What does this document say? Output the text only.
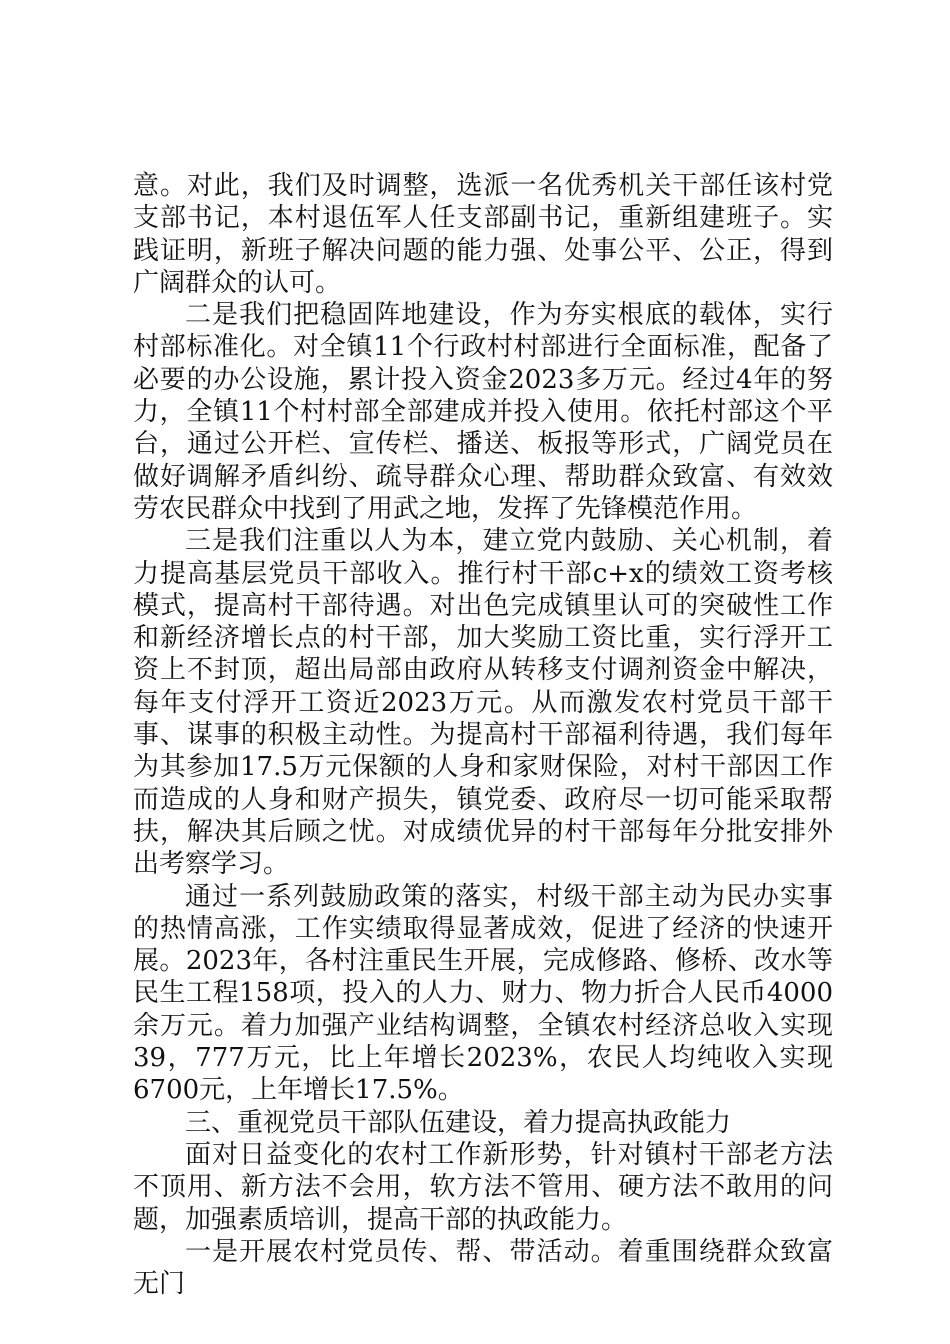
意。对此，我们及时调整，选派一名优秀机关干部任该村党支部书记，本村退伍军人任支部副书记，重新组建班子。实践证明，新班子解决问题的能力强、处事公平、公正，得到广阔群众的认可。

二是我们把稳固阵地建设，作为夯实根底的载体，实行村部标准化。对全镇11个行政村村部进行全面标准，配备了必要的办公设施，累计投入资金2023多万元。经过4年的努力，全镇11个村村部全部建成并投入使用。依托村部这个平台，通过公开栏、宣传栏、播送、板报等形式，广阔党员在做好调解矛盾纠纷、疏导群众心理、帮助群众致富、有效效劳农民群众中找到了用武之地，发挥了先锋模范作用。

三是我们注重以人为本，建立党内鼓励、关心机制，着力提高基层党员干部收入。推行村干部c+x的绩效工资考核模式，提高村干部待遇。对出色完成镇里认可的突破性工作和新经济增长点的村干部，加大奖励工资比重，实行浮开工资上不封顶，超出局部由政府从转移支付调剂资金中解决，每年支付浮开工资近2023万元。从而激发农村党员干部干事、谋事的积极主动性。为提高村干部福利待遇，我们每年为其参加17.5万元保额的人身和家财保险，对村干部因工作而造成的人身和财产损失，镇党委、政府尽一切可能采取帮扶，解决其后顾之忧。对成绩优异的村干部每年分批安排外出考察学习。

通过一系列鼓励政策的落实，村级干部主动为民办实事的热情高涨，工作实绩取得显著成效，促进了经济的快速开展。2023年，各村注重民生开展，完成修路、修桥、改水等民生工程158项，投入的人力、财力、物力折合人民币4000余万元。着力加强产业结构调整，全镇农村经济总收入实现39，777万元，比上年增长2023%，农民人均纯收入实现6700元，上年增长17.5%。

三、重视党员干部队伍建设，着力提高执政能力

面对日益变化的农村工作新形势，针对镇村干部老方法不顶用、新方法不会用，软方法不管用、硬方法不敢用的问题，加强素质培训，提高干部的执政能力。

一是开展农村党员传、帮、带活动。着重围绕群众致富无门
